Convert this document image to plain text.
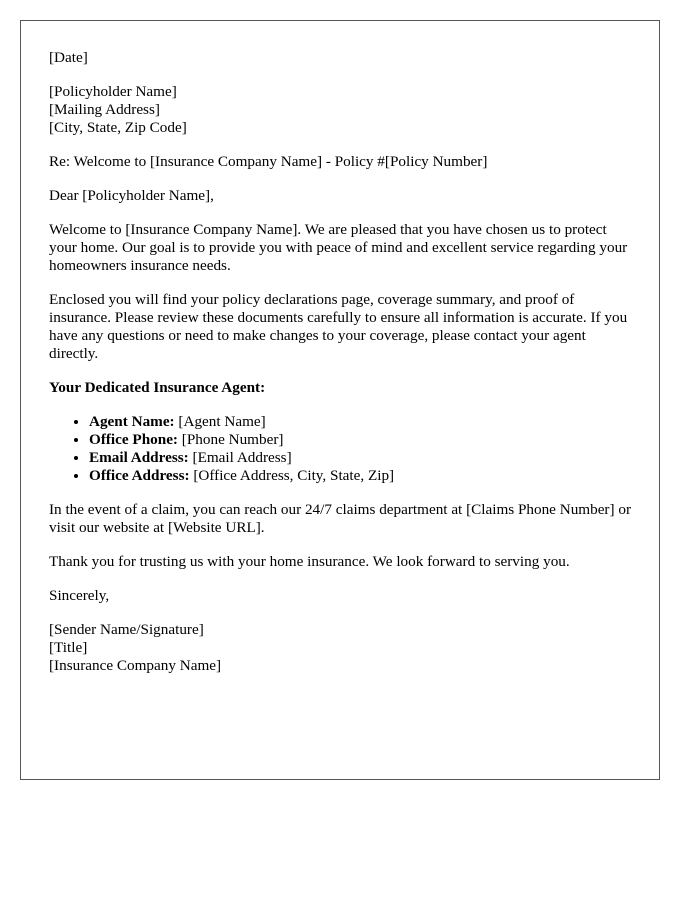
[Date]

[Policyholder Name]
[Mailing Address]
[City, State, Zip Code]

Re: Welcome to [Insurance Company Name] - Policy #[Policy Number]

Dear [Policyholder Name],

Welcome to [Insurance Company Name]. We are pleased that you have chosen us to protect your home. Our goal is to provide you with peace of mind and excellent service regarding your homeowners insurance needs.

Enclosed you will find your policy declarations page, coverage summary, and proof of insurance. Please review these documents carefully to ensure all information is accurate. If you have any questions or need to make changes to your coverage, please contact your agent directly.

Your Dedicated Insurance Agent:

• Agent Name: [Agent Name]
• Office Phone: [Phone Number]
• Email Address: [Email Address]
• Office Address: [Office Address, City, State, Zip]

In the event of a claim, you can reach our 24/7 claims department at [Claims Phone Number] or visit our website at [Website URL].

Thank you for trusting us with your home insurance. We look forward to serving you.

Sincerely,

[Sender Name/Signature]
[Title]
[Insurance Company Name]
